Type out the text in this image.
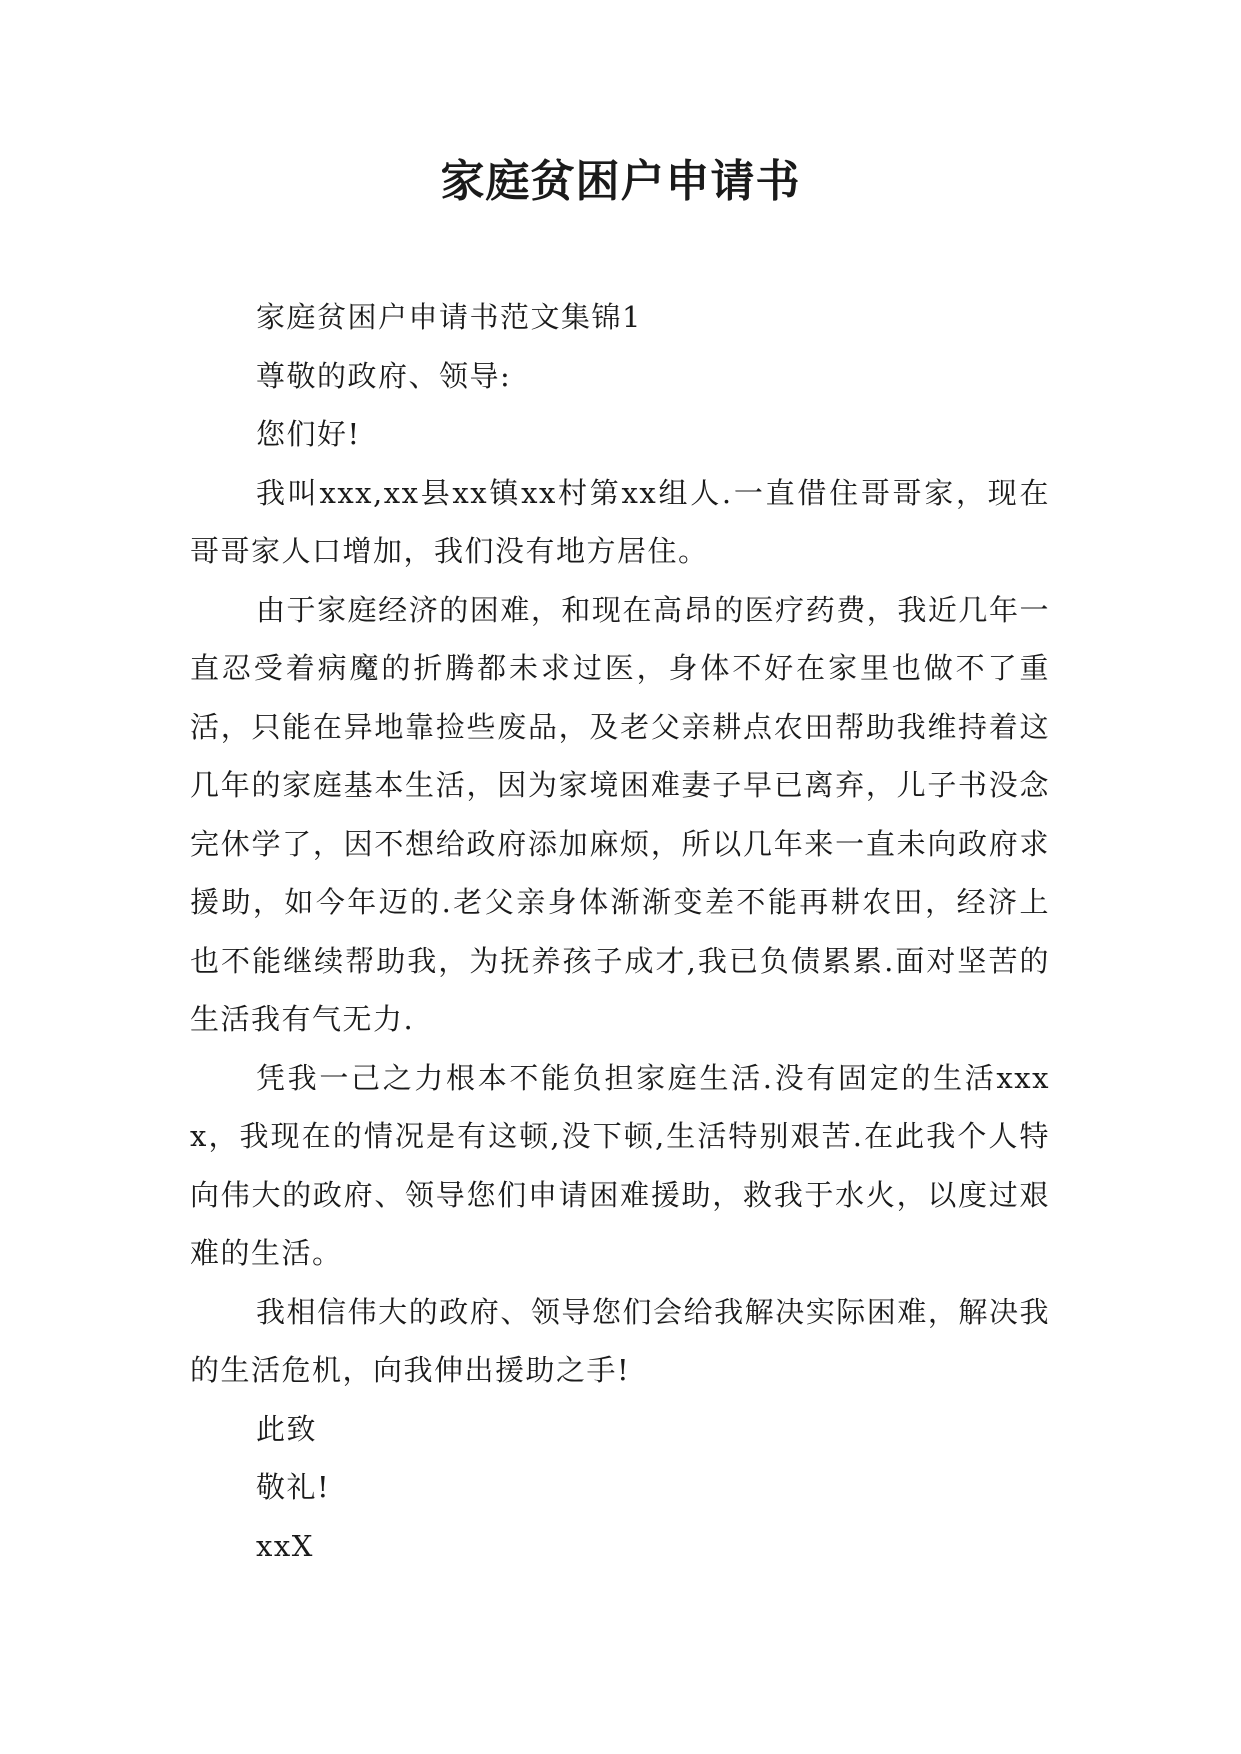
家庭贫困户申请书

家庭贫困户申请书范文集锦1

尊敬的政府、领导:

您们好!

我叫xxx,xx县xx镇xx村第xx组人.一直借住哥哥家，现在哥哥家人口增加，我们没有地方居住。

由于家庭经济的困难，和现在高昂的医疗药费，我近几年一直忍受着病魔的折腾都未求过医，身体不好在家里也做不了重活，只能在异地靠捡些废品，及老父亲耕点农田帮助我维持着这几年的家庭基本生活，因为家境困难妻子早已离弃，儿子书没念完休学了，因不想给政府添加麻烦，所以几年来一直未向政府求援助，如今年迈的.老父亲身体渐渐变差不能再耕农田，经济上也不能继续帮助我，为抚养孩子成才,我已负债累累.面对坚苦的生活我有气无力.

凭我一己之力根本不能负担家庭生活.没有固定的生活xxxx，我现在的情况是有这顿,没下顿,生活特别艰苦.在此我个人特向伟大的政府、领导您们申请困难援助，救我于水火，以度过艰难的生活。

我相信伟大的政府、领导您们会给我解决实际困难，解决我的生活危机，向我伸出援助之手!

此致

敬礼!

xxX
